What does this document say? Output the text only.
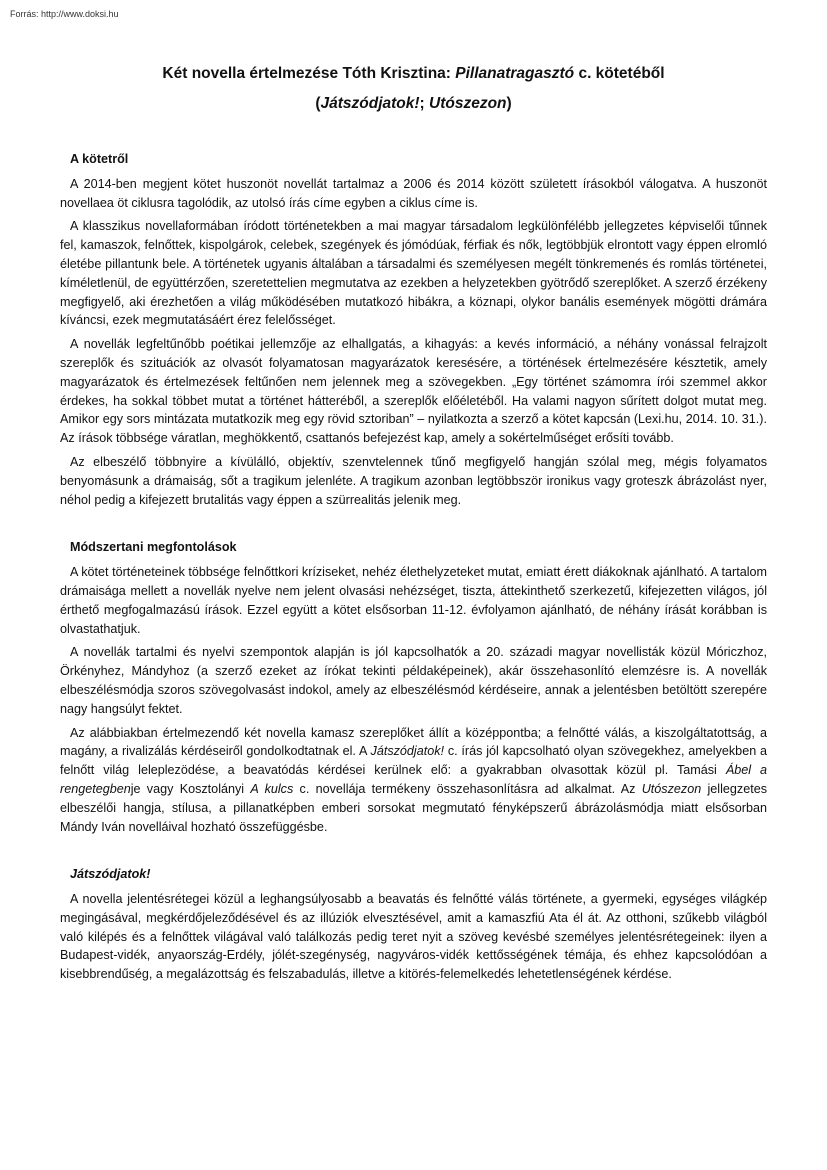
Forrás: http://www.doksi.hu
Két novella értelmezése Tóth Krisztina: Pillanatragasztó c. kötetéből
(Játszódjatok!; Utószezon)
A kötetről

A 2014-ben megjent kötet huszonöt novellát tartalmaz a 2006 és 2014 között született írásokból válogatva. A huszonöt novellaea öt ciklusra tagolódik, az utolsó írás címe egyben a ciklus címe is.

A klasszikus novellaformában íródott történetekben a mai magyar társadalom legkülönfélébb jellegzetes képviselői tűnnek fel, kamaszok, felnőttek, kispolgárok, celebek, szegények és jómódúak, férfiak és nők, legtöbbjük elrontott vagy éppen elromló életébe pillantunk bele. A történetek ugyanis általában a társadalmi és személyesen megélt tönkremenés és romlás történetei, kíméletlenül, de együttérzően, szeretettelien megmutatva az ezekben a helyzetekben gyötrődő szereplőket. A szerző érzékeny megfigyelő, aki érezhetően a világ működésében mutatkozó hibákra, a köznapi, olykor banális események mögötti drámára kíváncsi, ezek megmutatásáért érez felelősséget.

A novellák legfeltűnőbb poétikai jellemzője az elhallgatás, a kihagyás: a kevés információ, a néhány vonással felrajzolt szereplők és szituációk az olvasót folyamatosan magyarázatok keresésére, a történések értelmezésére késztetik, amely magyarázatok és értelmezések feltűnően nem jelennek meg a szövegekben. „Egy történet számomra írói szemmel akkor érdekes, ha sokkal többet mutat a történet hátteréből, a szereplők előéletéből. Ha valami nagyon sűrített dolgot mutat meg. Amikor egy sors mintázata mutatkozik meg egy rövid sztoriban” – nyilatkozta a szerző a kötet kapcsán (Lexi.hu, 2014. 10. 31.). Az írások többsége váratlan, meghökkentő, csattanós befejezést kap, amely a sokértelműséget erősíti tovább.

Az elbeszélő többnyire a kívülálló, objektív, szenvtelennek tűnő megfigyelő hangján szólal meg, mégis folyamatos benyomásunk a drámaiság, sőt a tragikum jelenléte. A tragikum azonban legtöbbször ironikus vagy groteszk ábrázolást nyer, néhol pedig a kifejezett brutalitás vagy éppen a szürrealitás jelenik meg.

Módszertani megfontolások

A kötet történeteinek többsége felnőttkori kríziseket, nehéz élethelyzeteket mutat, emiatt érett diákoknak ajánlható. A tartalom drámaisága mellett a novellák nyelve nem jelent olvasási nehézséget, tiszta, áttekinthető szerkezetű, kifejezetten világos, jól érthető megfogalmazású írások. Ezzel együtt a kötet elsősorban 11-12. évfolyamon ajánlható, de néhány írását korábban is olvastathatjuk.

A novellák tartalmi és nyelvi szempontok alapján is jól kapcsolhatók a 20. századi magyar novellisták közül Móriczhoz, Örkényhez, Mándyhoz (a szerző ezeket az írókat tekinti példaképeinek), akár összehasonlító elemzésre is. A novellák elbeszélésmódja szoros szövegolvasást indokol, amely az elbeszélésmód kérdéseire, annak a jelentésben betöltött szerepére nagy hangsúlyt fektet.

Az alábbiakban értelmezendő két novella kamasz szereplőket állít a középpontba; a felnőtté válás, a kiszolgáltatottság, a magány, a rivalizálás kérdéseiről gondolkodtatnak el. A Játszódjatok! c. írás jól kapcsolható olyan szövegekhez, amelyekben a felnőtt világ leleplezödése, a beavatódás kérdései kerülnek elő: a gyakrabban olvasottak közül pl. Tamási Ábel a rengetegbenje vagy Kosztolányi A kulcs c. novellája termékeny összehasonlításra ad alkalmat. Az Utószezon jellegzetes elbeszélői hangja, stílusa, a pillanatképben emberi sorsokat megmutató fényképszerű ábrázolásmódja miatt elsősorban Mándy Iván novelláival hozható összefüggésbe.

Játszódjatok!

A novella jelentésrétegei közül a leghangsúlyosabb a beavatás és felnőtté válás története, a gyermeki, egységes világkép megingásával, megkérdőjeleződésével és az illúziók elvesztésével, amit a kamaszfiú Ata él át. Az otthoni, szűkebb világból való kilépés és a felnőttek világával való találkozás pedig teret nyit a szöveg kevésbé személyes jelentésrétegeinek: ilyen a Budapest-vidék, anyaország-Erdély, jólét-szegénység, nagyváros-vidék kettősségének témája, és ehhez kapcsolódóan a kisebbrendűség, a megalázottság és felszabadulás, illetve a kitörés-felemelkedés lehetetlenségének kérdése.
